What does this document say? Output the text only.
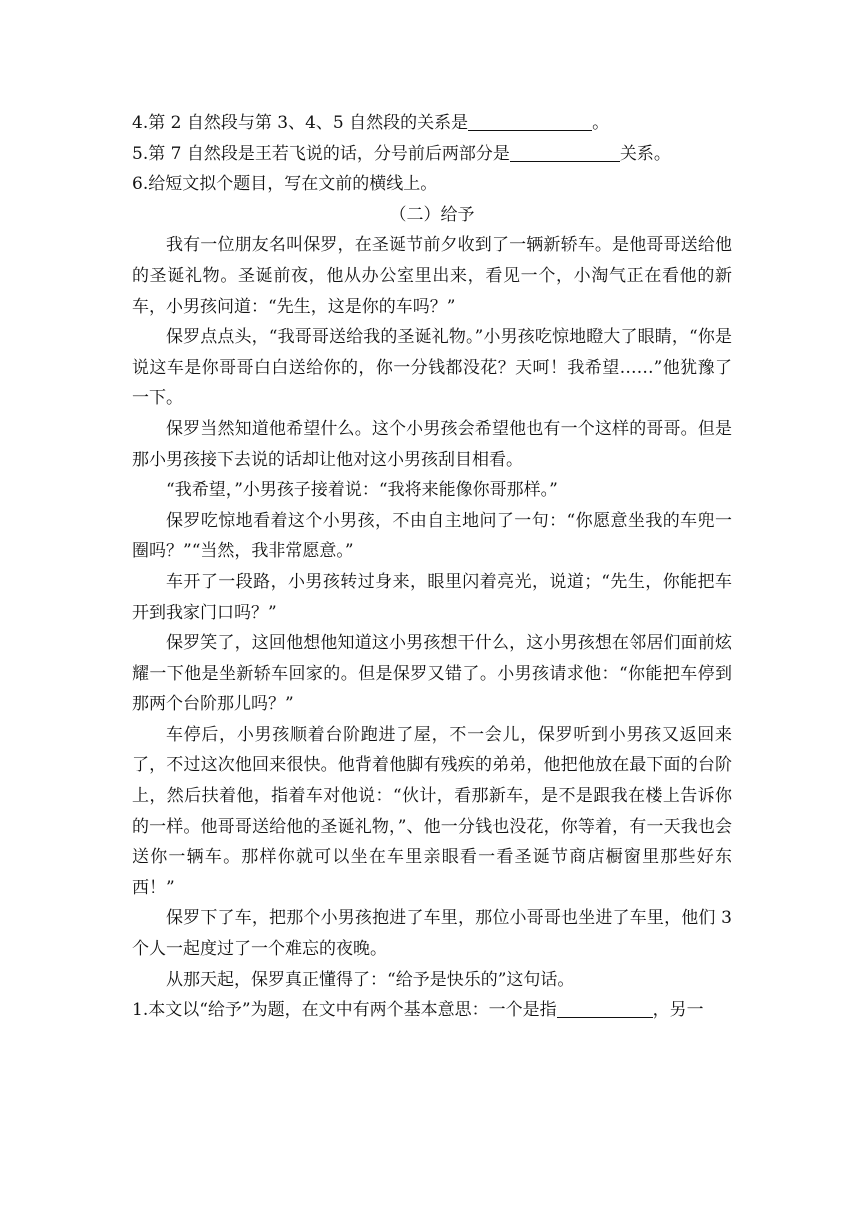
4.第 2 自然段与第 3、4、5 自然段的关系是	。

5.第 7 自然段是王若飞说的话，分号前后两部分是	关系。

6.给短文拟个题目，写在文前的横线上。

（二）给予

我有一位朋友名叫保罗，在圣诞节前夕收到了一辆新轿车。是他哥哥送给他的圣诞礼物。圣诞前夜，他从办公室里出来，看见一个，小淘气正在看他的新车，小男孩问道：“先生，这是你的车吗？”

保罗点点头，“我哥哥送给我的圣诞礼物。”小男孩吃惊地瞪大了眼睛，“你是说这车是你哥哥白白送给你的，你一分钱都没花？天呵！我希望……”他犹豫了一下。

保罗当然知道他希望什么。这个小男孩会希望他也有一个这样的哥哥。但是那小男孩接下去说的话却让他对这小男孩刮目相看。

“我希望，”小男孩子接着说：“我将来能像你哥那样。”

保罗吃惊地看着这个小男孩，不由自主地问了一句：“你愿意坐我的车兜一圈吗？”“当然，我非常愿意。”

车开了一段路，小男孩转过身来，眼里闪着亮光，说道；“先生，你能把车开到我家门口吗？”

保罗笑了，这回他想他知道这小男孩想干什么，这小男孩想在邻居们面前炫耀一下他是坐新轿车回家的。但是保罗又错了。小男孩请求他：“你能把车停到那两个台阶那儿吗？”

车停后，小男孩顺着台阶跑进了屋，不一会儿，保罗听到小男孩又返回来了，不过这次他回来很快。他背着他脚有残疾的弟弟，他把他放在最下面的台阶上，然后扶着他，指着车对他说：“伙计，看那新车，是不是跟我在楼上告诉你的一样。他哥哥送给他的圣诞礼物，”、他一分钱也没花，你等着，有一天我也会送你一辆车。那样你就可以坐在车里亲眼看一看圣诞节商店橱窗里那些好东西！”

保罗下了车，把那个小男孩抱进了车里，那位小哥哥也坐进了车里，他们 3 个人一起度过了一个难忘的夜晚。

从那天起，保罗真正懂得了：“给予是快乐的”这句话。

1.本文以“给予”为题，在文中有两个基本意思：一个是指	，另一
